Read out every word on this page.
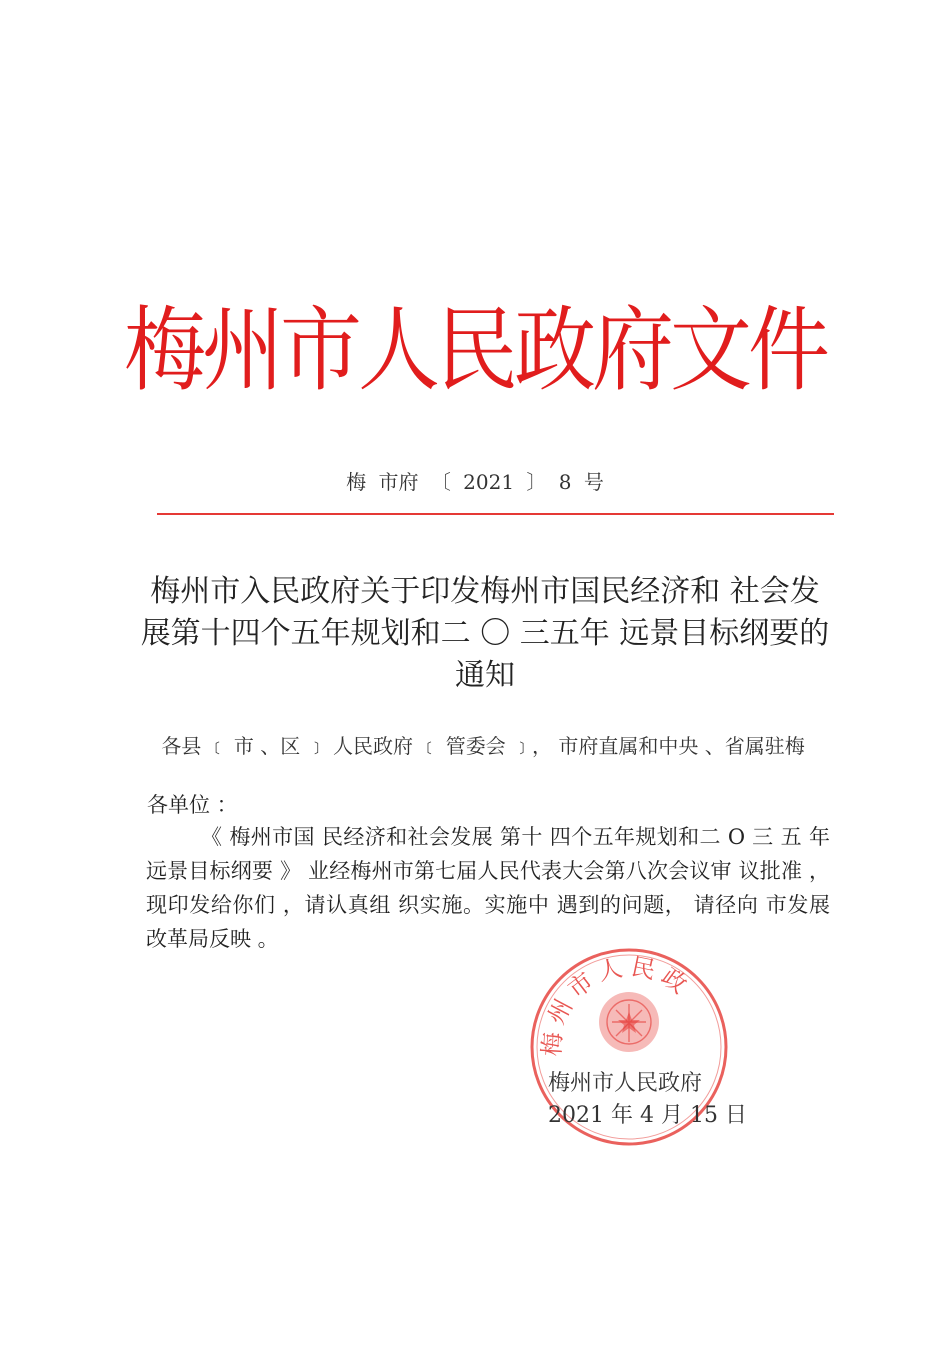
梅州市人民政府文件
梅 市府 〔 2021 〕 8 号
梅州市入民政府关于印发梅州市国民经济和 社会发展第十四个五年规划和二 〇 三五年 远景目标纲要的通知
各县 ﹝ 市 、区 ﹞ 人民政府 ﹝ 管委会 ﹞， 市府直属和中央 、省属驻梅
各单位 ：
《 梅州市国 民经济和社会发展 第十 四个五年规划和二 O 三 五 年远景目标纲要 》 业经梅州市第七届人民代表大会第八次会议审 议批准 ，现印发给你们 ，请认真组 织实施。实施中 遇到的问题， 请径向 市发展改革局反映 。
梅州市人民政
梅州市人民政府
2021 年 4 月 15 日
